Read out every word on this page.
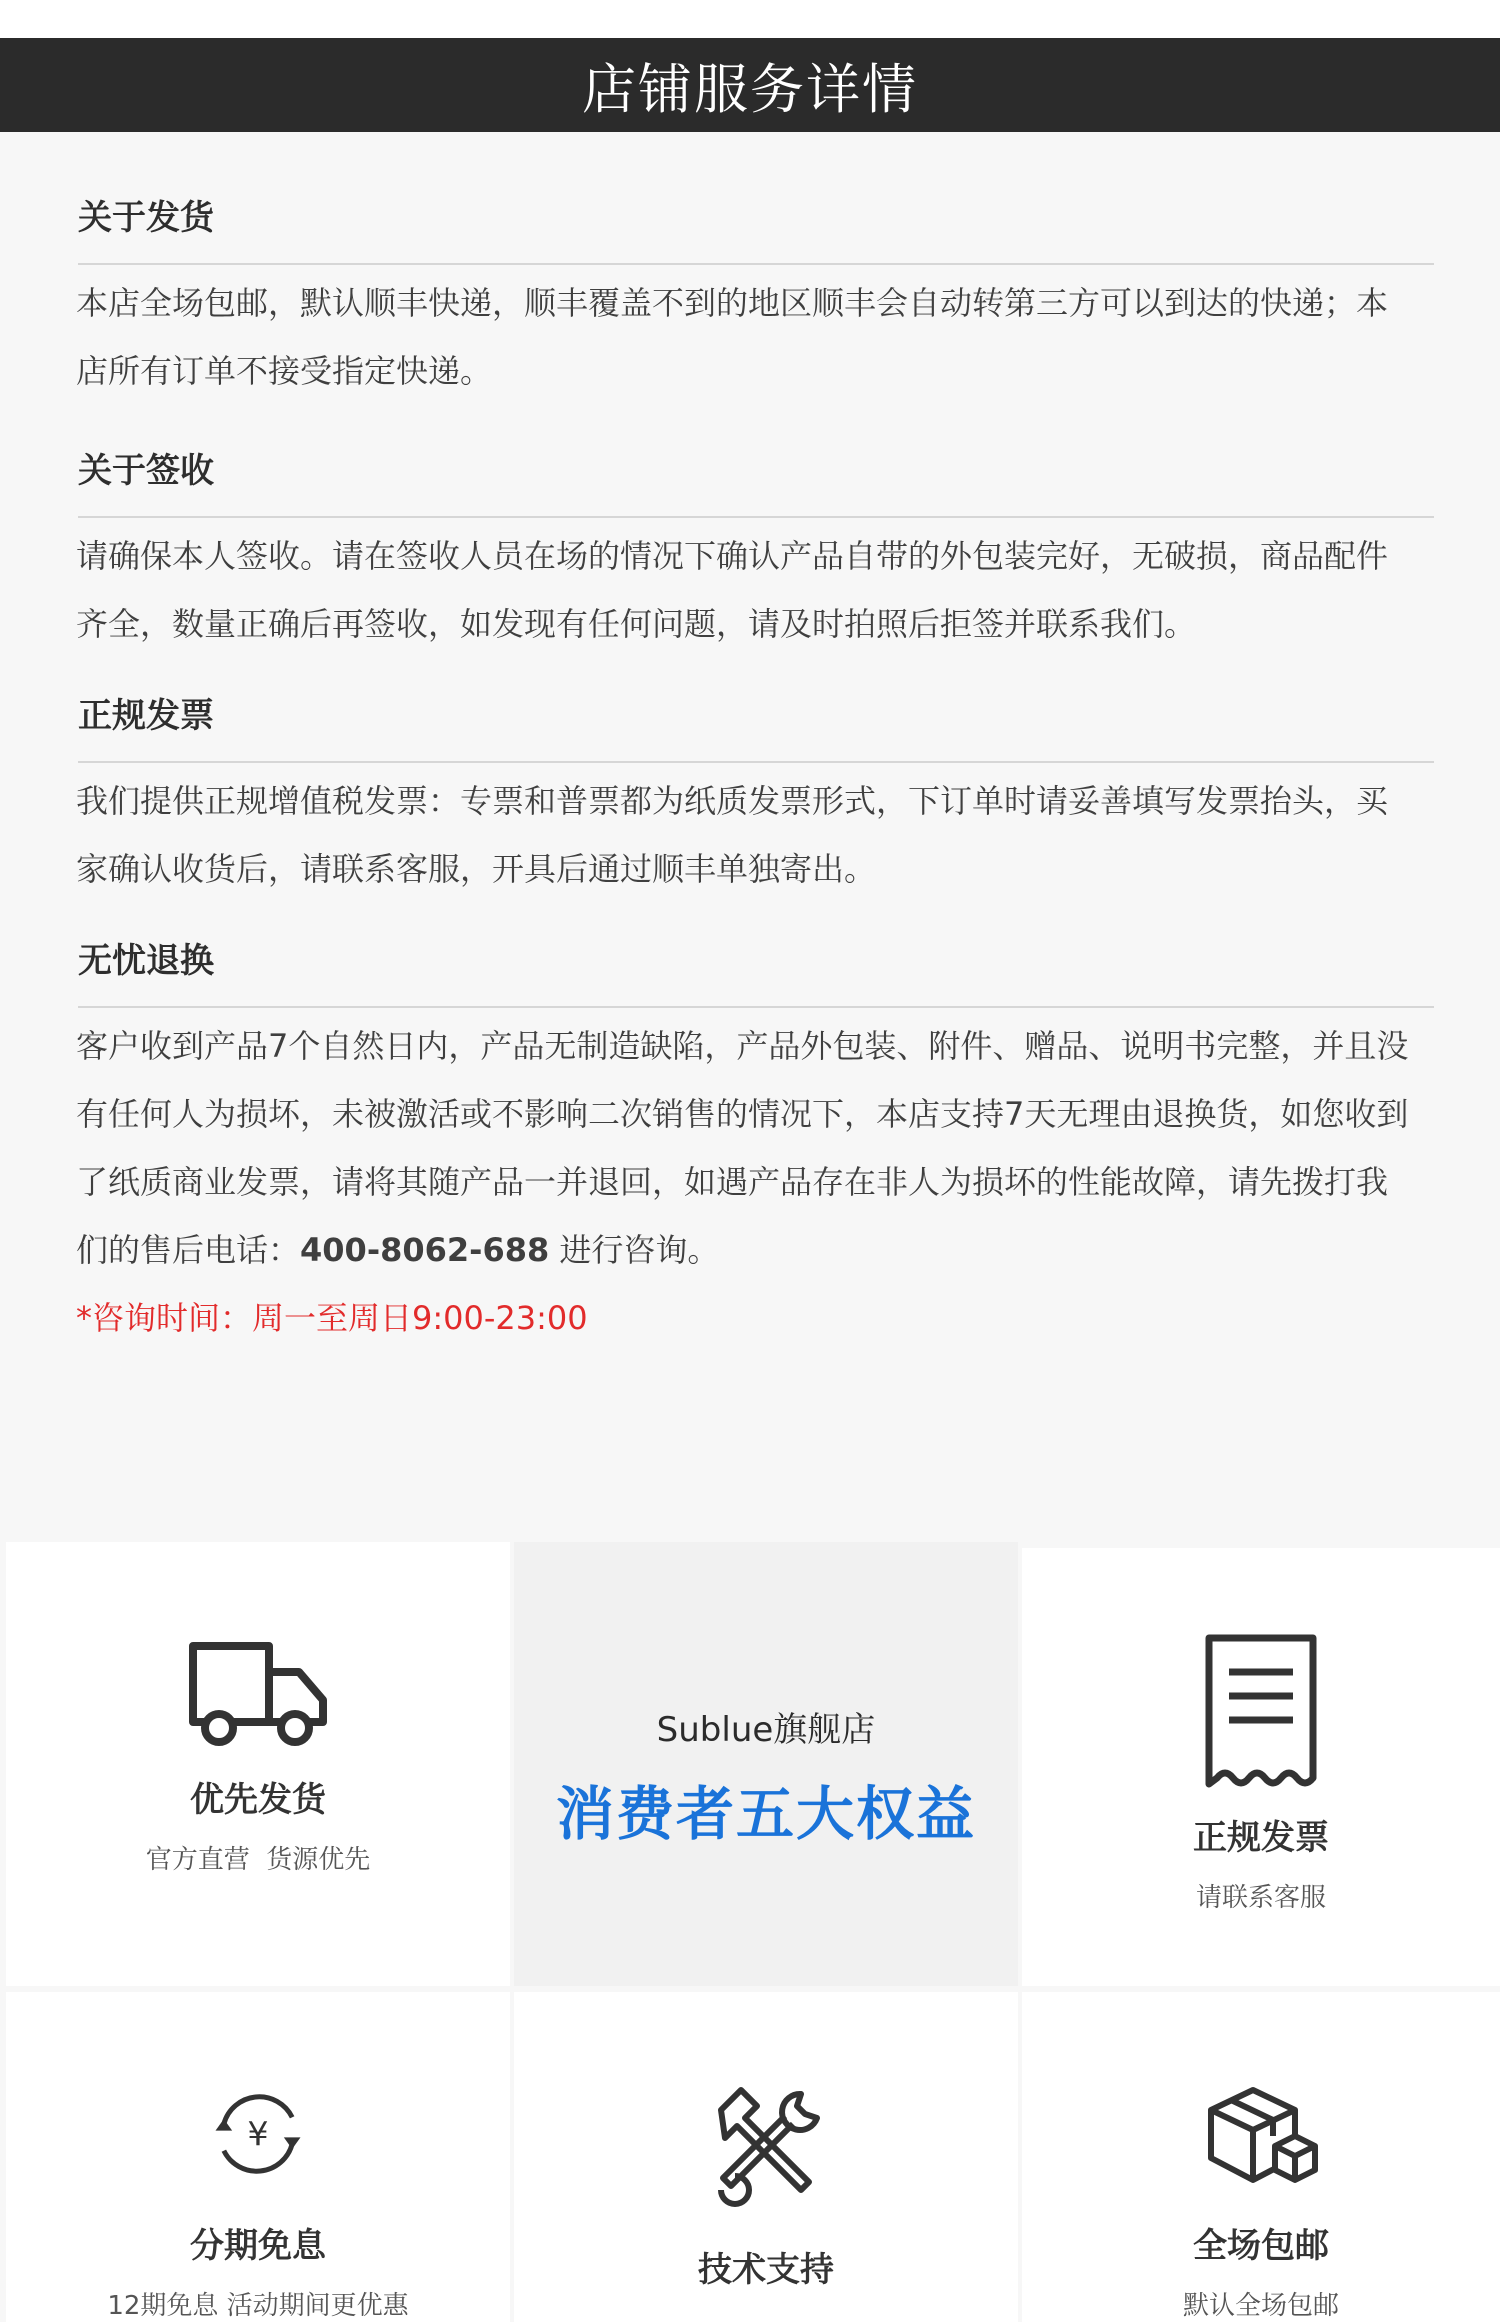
店铺服务详情
关于发货

本店全场包邮，默认顺丰快递，顺丰覆盖不到的地区顺丰会自动转第三方可以到达的快递；本店所有订单不接受指定快递。

关于签收

请确保本人签收。请在签收人员在场的情况下确认产品自带的外包装完好，无破损，商品配件齐全，数量正确后再签收，如发现有任何问题，请及时拍照后拒签并联系我们。

正规发票

我们提供正规增值税发票：专票和普票都为纸质发票形式，下订单时请妥善填写发票抬头，买家确认收货后，请联系客服，开具后通过顺丰单独寄出。

无忧退换

客户收到产品7个自然日内，产品无制造缺陷，产品外包装、附件、赠品、说明书完整，并且没有任何人为损坏，未被激活或不影响二次销售的情况下，本店支持7天无理由退换货，如您收到了纸质商业发票，请将其随产品一并退回，如遇产品存在非人为损坏的性能故障，请先拨打我们的售后电话：400-8062-688 进行咨询。

*咨询时间：周一至周日9:00-23:00

优先发货
官方直营  货源优先
Sublue旗舰店
消费者五大权益	正规发票
请联系客服
¥
分期免息
12期免息 活动期间更优惠
技术支持
全场包邮
默认全场包邮
